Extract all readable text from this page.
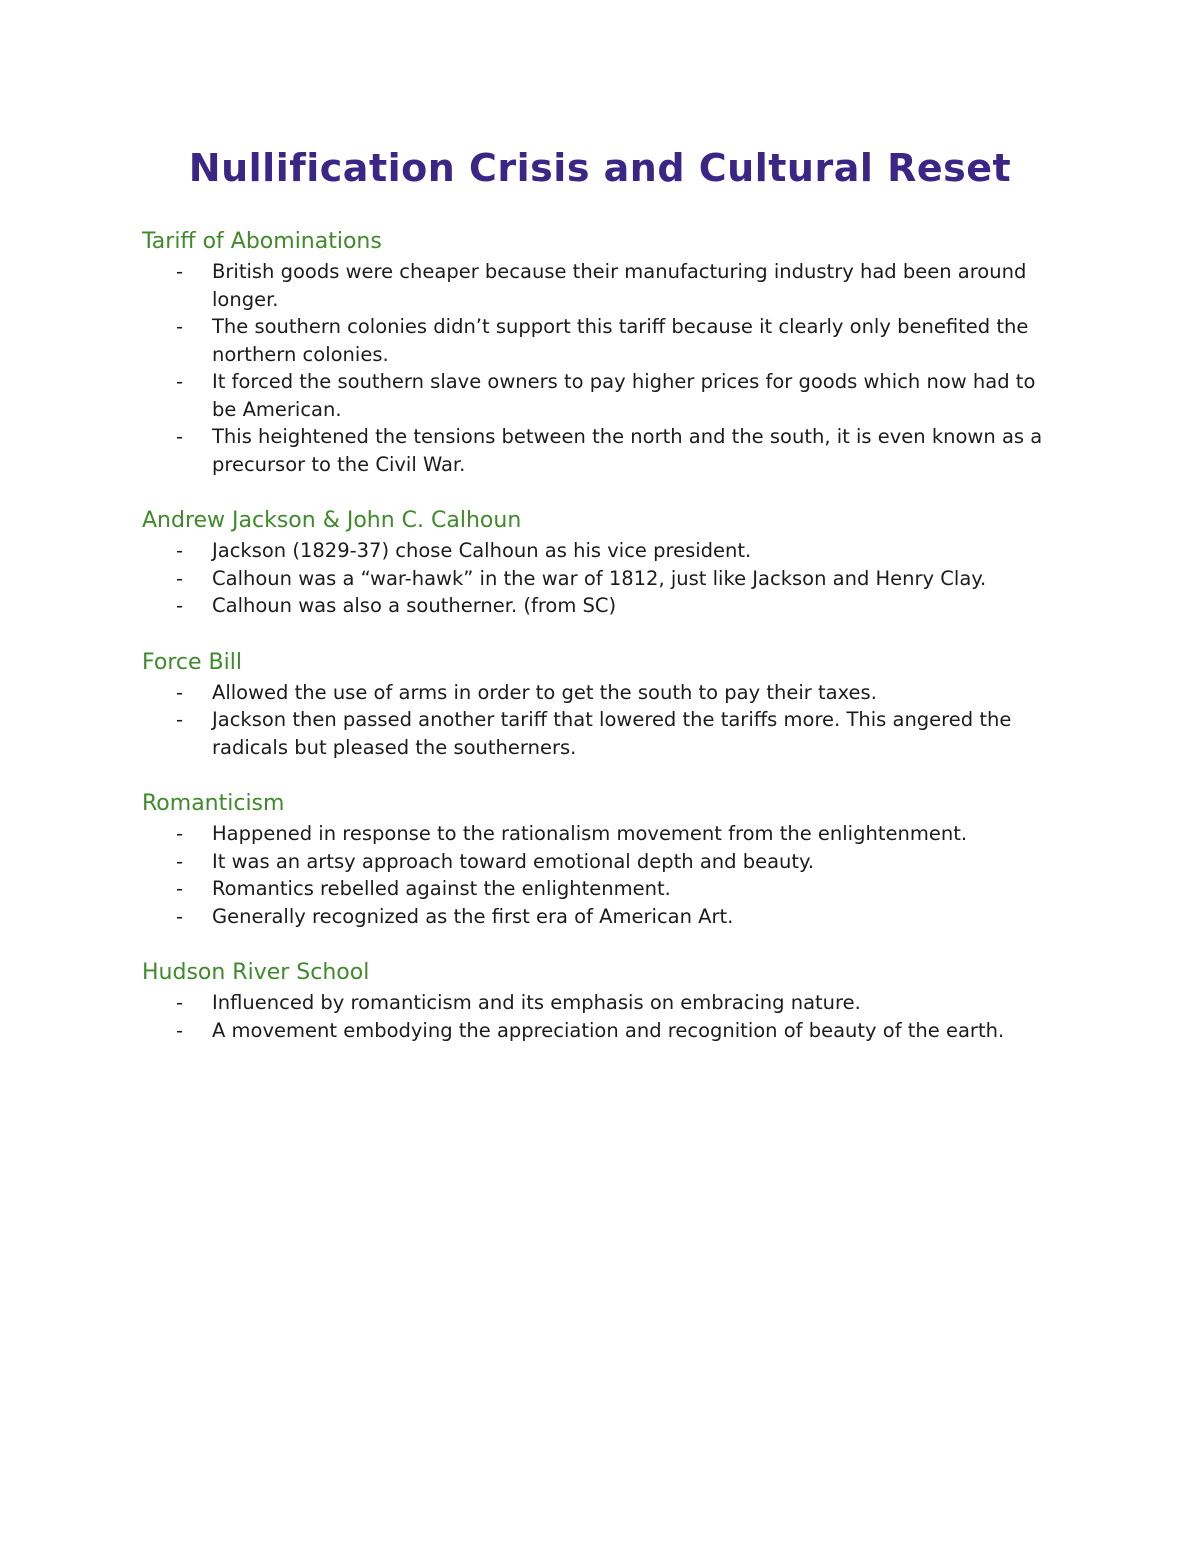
Nullification Crisis and Cultural Reset
Tariff of Abominations
- British goods were cheaper because their manufacturing industry had been around longer.
- The southern colonies didn’t support this tariff because it clearly only benefited the northern colonies.
- It forced the southern slave owners to pay higher prices for goods which now had to be American.
- This heightened the tensions between the north and the south, it is even known as a precursor to the Civil War.
Andrew Jackson & John C. Calhoun
- Jackson (1829-37) chose Calhoun as his vice president.
- Calhoun was a “war-hawk” in the war of 1812, just like Jackson and Henry Clay.
- Calhoun was also a southerner. (from SC)
Force Bill
- Allowed the use of arms in order to get the south to pay their taxes.
- Jackson then passed another tariff that lowered the tariffs more. This angered the radicals but pleased the southerners.
Romanticism
- Happened in response to the rationalism movement from the enlightenment.
- It was an artsy approach toward emotional depth and beauty.
- Romantics rebelled against the enlightenment.
- Generally recognized as the first era of American Art.
Hudson River School
- Influenced by romanticism and its emphasis on embracing nature.
- A movement embodying the appreciation and recognition of beauty of the earth.
